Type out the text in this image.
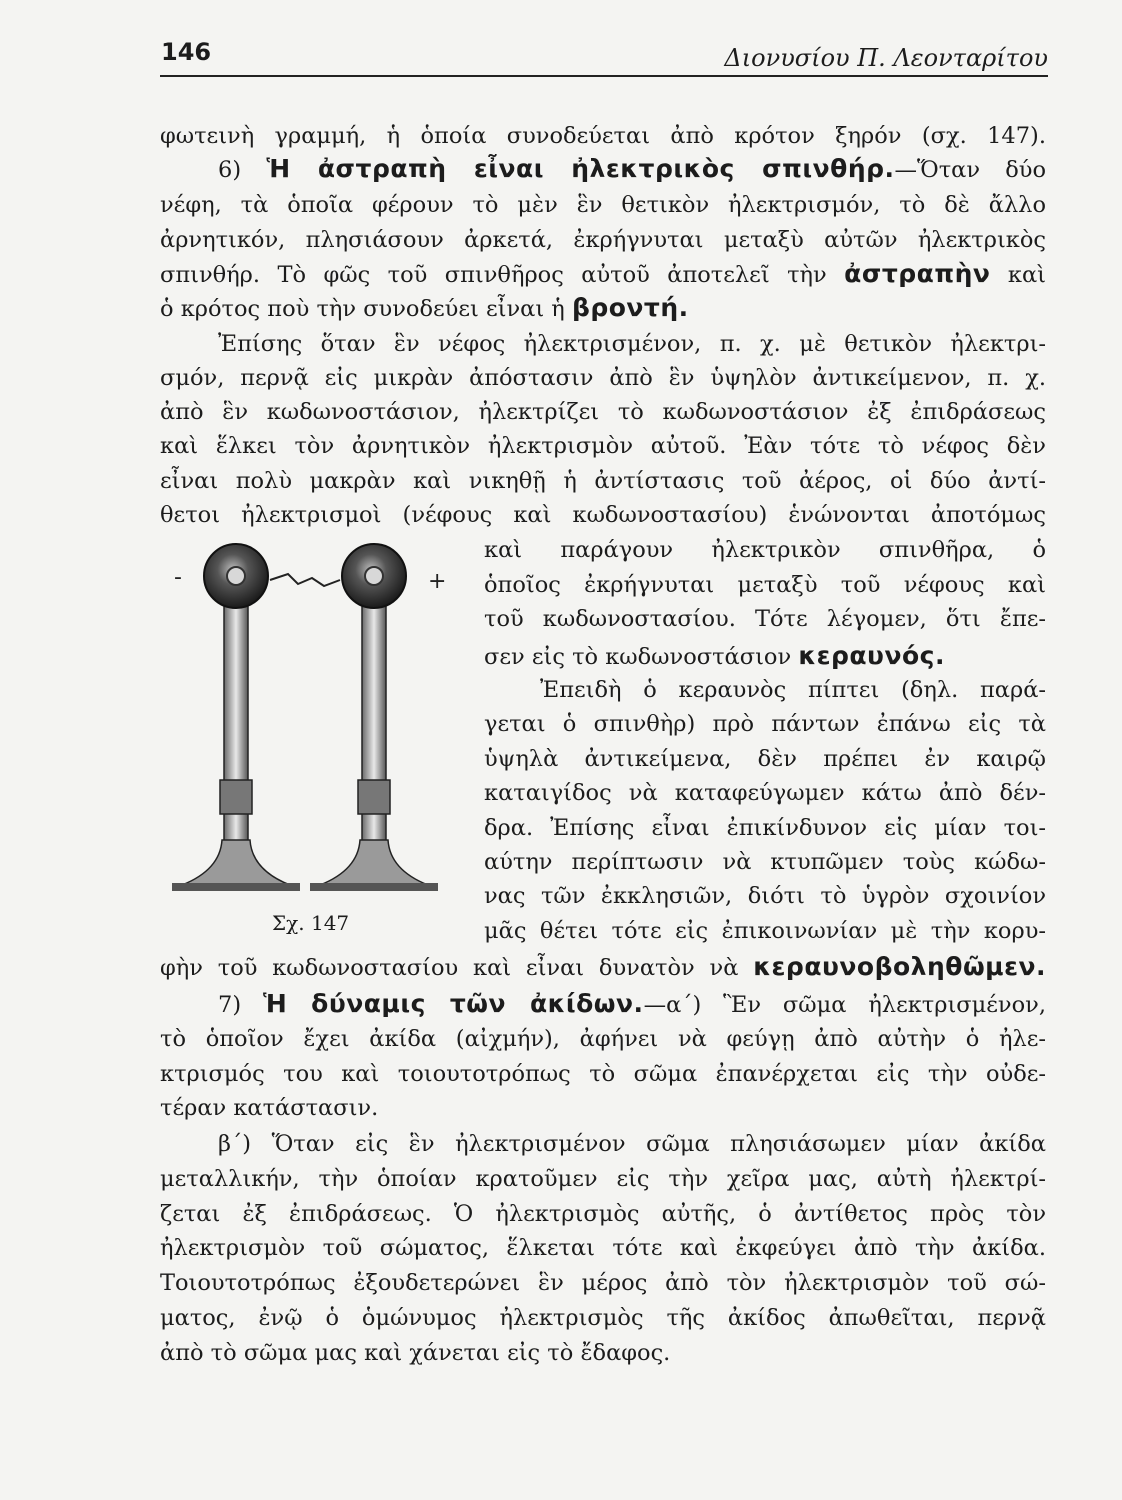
146	Διονυσίου Π. Λεονταρίτου
φωτεινὴ γραμμή, ἡ ὁποία συνοδεύεται ἀπὸ κρότον ξηρόν (σχ. 147).
6) Ἡ ἀστραπὴ εἶναι ἠλεκτρικὸς σπινθήρ.—Ὅταν δύο
νέφη, τὰ ὁποῖα φέρουν τὸ μὲν ἓν θετικὸν ἠλεκτρισμόν, τὸ δὲ ἄλλο
ἀρνητικόν, πλησιάσουν ἀρκετά, ἐκρήγνυται μεταξὺ αὐτῶν ἠλεκτρικὸς
σπινθήρ. Τὸ φῶς τοῦ σπινθῆρος αὐτοῦ ἀποτελεῖ τὴν ἀστραπὴν καὶ
ὁ κρότος ποὺ τὴν συνοδεύει εἶναι ἡ βροντή.
Ἐπίσης ὅταν ἓν νέφος ἠλεκτρισμένον, π. χ. μὲ θετικὸν ἠλεκτρι-
σμόν, περνᾷ εἰς μικρὰν ἀπόστασιν ἀπὸ ἓν ὑψηλὸν ἀντικείμενον, π. χ.
ἀπὸ ἓν κωδωνοστάσιον, ἠλεκτρίζει τὸ κωδωνοστάσιον ἐξ ἐπιδράσεως
καὶ ἕλκει τὸν ἀρνητικὸν ἠλεκτρισμὸν αὐτοῦ. Ἐὰν τότε τὸ νέφος δὲν
εἶναι πολὺ μακρὰν καὶ νικηθῇ ἡ ἀντίστασις τοῦ ἀέρος, οἱ δύο ἀντί-
θετοι ἠλεκτρισμοὶ (νέφους καὶ κωδωνοστασίου) ἑνώνονται ἀποτόμως
καὶ παράγουν ἠλεκτρικὸν σπινθῆρα, ὁ
ὁποῖος ἐκρήγνυται μεταξὺ τοῦ νέφους καὶ
τοῦ κωδωνοστασίου. Τότε λέγομεν, ὅτι ἔπε-
σεν εἰς τὸ κωδωνοστάσιον κεραυνός.
Ἐπειδὴ ὁ κεραυνὸς πίπτει (δηλ. παρά-
γεται ὁ σπινθὴρ) πρὸ πάντων ἐπάνω εἰς τὰ
ὑψηλὰ ἀντικείμενα, δὲν πρέπει ἐν καιρῷ
καταιγίδος νὰ καταφεύγωμεν κάτω ἀπὸ δέν-
δρα. Ἐπίσης εἶναι ἐπικίνδυνον εἰς μίαν τοι-
αύτην περίπτωσιν νὰ κτυπῶμεν τοὺς κώδω-
νας τῶν ἐκκλησιῶν, διότι τὸ ὑγρὸν σχοινίον
μᾶς θέτει τότε εἰς ἐπικοινωνίαν μὲ τὴν κορυ-
φὴν τοῦ κωδωνοστασίου καὶ εἶναι δυνατὸν νὰ κεραυνοβοληθῶμεν.
-	+
Σχ. 147
7) Ἡ δύναμις τῶν ἀκίδων.—α΄) Ἓν σῶμα ἠλεκτρισμένον,
τὸ ὁποῖον ἔχει ἀκίδα (αἰχμήν), ἀφήνει νὰ φεύγῃ ἀπὸ αὐτὴν ὁ ἠλε-
κτρισμός του καὶ τοιουτοτρόπως τὸ σῶμα ἐπανέρχεται εἰς τὴν οὐδε-
τέραν κατάστασιν.
β΄) Ὅταν εἰς ἓν ἠλεκτρισμένον σῶμα πλησιάσωμεν μίαν ἀκίδα
μεταλλικήν, τὴν ὁποίαν κρατοῦμεν εἰς τὴν χεῖρα μας, αὐτὴ ἠλεκτρί-
ζεται ἐξ ἐπιδράσεως. Ὁ ἠλεκτρισμὸς αὐτῆς, ὁ ἀντίθετος πρὸς τὸν
ἠλεκτρισμὸν τοῦ σώματος, ἕλκεται τότε καὶ ἐκφεύγει ἀπὸ τὴν ἀκίδα.
Τοιουτοτρόπως ἐξουδετερώνει ἓν μέρος ἀπὸ τὸν ἠλεκτρισμὸν τοῦ σώ-
ματος, ἐνῷ ὁ ὁμώνυμος ἠλεκτρισμὸς τῆς ἀκίδος ἀπωθεῖται, περνᾷ
ἀπὸ τὸ σῶμα μας καὶ χάνεται εἰς τὸ ἔδαφος.
